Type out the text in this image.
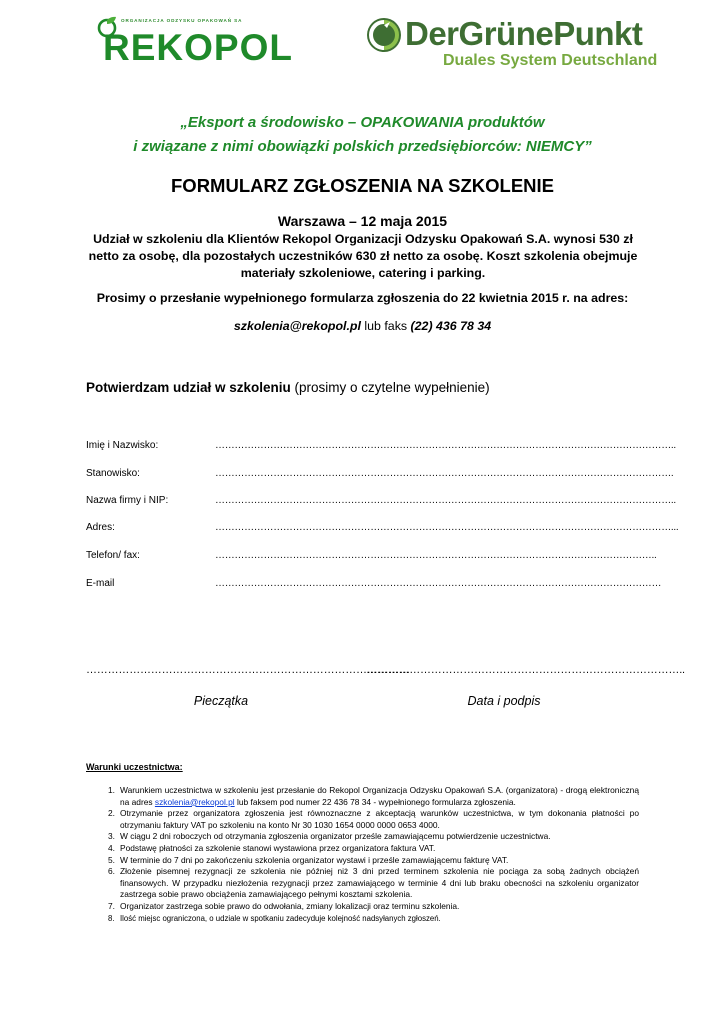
ORGANIZACJA ODZYSKU OPAKOWAŃ SA
REKOPOL	DerGrünePunkt
Duales System Deutschland
„Eksport a środowisko – OPAKOWANIA produktów
i związane z nimi obowiązki polskich przedsiębiorców: NIEMCY”
FORMULARZ ZGŁOSZENIA NA SZKOLENIE
Warszawa – 12 maja 2015
Udział w szkoleniu dla Klientów Rekopol Organizacji Odzysku Opakowań S.A. wynosi 530 zł netto za osobę, dla pozostałych uczestników 630 zł netto za osobę. Koszt szkolenia obejmuje materiały szkoleniowe, catering i parking.
Prosimy o przesłanie wypełnionego formularza zgłoszenia do 22 kwietnia 2015 r. na adres:
szkolenia@rekopol.pl lub faks (22) 436 78 34
Potwierdzam udział w szkoleniu (prosimy o czytelne wypełnienie)
Imię i Nazwisko:	……………………………………………………………………………………………………………………………..
Stanowisko:	…………………………………………………………………………………………………………………………….
Nazwa firmy i NIP:	……………………………………………………………………………………………………………………………..
Adres:	……………………………………………………………………………………………………………………………...
Telefon/ fax:	………………………………………………………………………………………………………………………..
E-mail	…………………………………………………………………………………………………………………………
………………………………………………………………………………
……………………………………………………………………………..
Pieczątka	Data i podpis
Warunki uczestnictwa:
1. Warunkiem uczestnictwa w szkoleniu jest przesłanie do Rekopol Organizacja Odzysku Opakowań S.A. (organizatora) - drogą elektroniczną na adres szkolenia@rekopol.pl lub faksem pod numer 22 436 78 34 - wypełnionego formularza zgłoszenia.
2. Otrzymanie przez organizatora zgłoszenia jest równoznaczne z akceptacją warunków uczestnictwa, w tym dokonania płatności po otrzymaniu faktury VAT po szkoleniu na konto Nr 30 1030 1654 0000 0000 0653 4000.
3. W ciągu 2 dni roboczych od otrzymania zgłoszenia organizator prześle zamawiającemu potwierdzenie uczestnictwa.
4. Podstawę płatności za szkolenie stanowi wystawiona przez organizatora faktura VAT.
5. W terminie do 7 dni po zakończeniu szkolenia organizator wystawi i prześle zamawiającemu fakturę VAT.
6. Złożenie pisemnej rezygnacji ze szkolenia nie później niż 3 dni przed terminem szkolenia nie pociąga za sobą żadnych obciążeń finansowych. W przypadku niezłożenia rezygnacji przez zamawiającego w terminie 4 dni lub braku obecności na szkoleniu organizator zastrzega sobie prawo obciążenia zamawiającego pełnymi kosztami szkolenia.
7. Organizator zastrzega sobie prawo do odwołania, zmiany lokalizacji oraz terminu szkolenia.
8. Ilość miejsc ograniczona, o udziale w spotkaniu zadecyduje kolejność nadsyłanych zgłoszeń.
